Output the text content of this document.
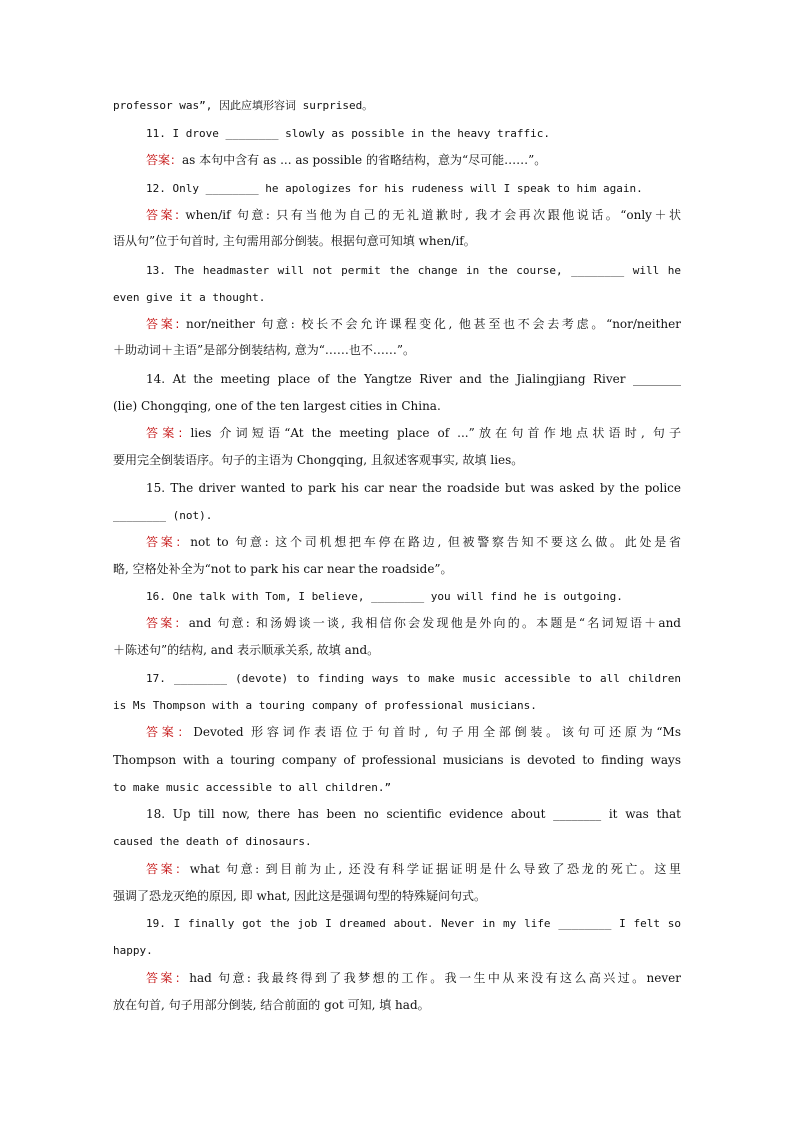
professor was”, 因此应填形容词 surprised。
11. I drove ________ slowly as possible in the heavy traffic.
答案：as 本句中含有 as ... as possible 的省略结构，意为“尽可能……”。
12. Only ________ he apologizes for his rudeness will I speak to him again.
答案: when/if 句意: 只有当他为自己的无礼道歉时, 我才会再次跟他说话。“only＋状
语从句”位于句首时, 主句需用部分倒装。根据句意可知填 when/if。
13. The headmaster will not permit the change in the course, ________ will he
even give it a thought.
答案: nor/neither 句意: 校长不会允许课程变化, 他甚至也不会去考虑。“nor/neither
＋助动词＋主语”是部分倒装结构, 意为“……也不……”。
14. At the meeting place of the Yangtze River and the Jialingjiang River ________
(lie) Chongqing, one of the ten largest cities in China.
答案: lies 介词短语“At the meeting place of ...”放在句首作地点状语时, 句子
要用完全倒装语序。句子的主语为 Chongqing, 且叙述客观事实, 故填 lies。
15. The driver wanted to park his car near the roadside but was asked by the police
________ (not).
答案：not to 句意: 这个司机想把车停在路边, 但被警察告知不要这么做。此处是省
略, 空格处补全为“not to park his car near the roadside”。
16. One talk with Tom, I believe, ________ you will find he is outgoing.
答案：and 句意: 和汤姆谈一谈, 我相信你会发现他是外向的。本题是“名词短语＋and
＋陈述句”的结构, and 表示顺承关系, 故填 and。
17. ________ (devote) to finding ways to make music accessible to all children
is Ms Thompson with a touring company of professional musicians.
答案：Devoted 形容词作表语位于句首时, 句子用全部倒装。该句可还原为“Ms
Thompson with a touring company of professional musicians is devoted to finding ways
to make music accessible to all children.”
18. Up till now, there has been no scientific evidence about ________ it was that
caused the death of dinosaurs.
答案：what 句意: 到目前为止, 还没有科学证据证明是什么导致了恐龙的死亡。这里
强调了恐龙灭绝的原因, 即 what, 因此这是强调句型的特殊疑问句式。
19. I finally got the job I dreamed about. Never in my life ________ I felt so
happy.
答案：had 句意: 我最终得到了我梦想的工作。我一生中从来没有这么高兴过。never
放在句首, 句子用部分倒装, 结合前面的 got 可知, 填 had。
